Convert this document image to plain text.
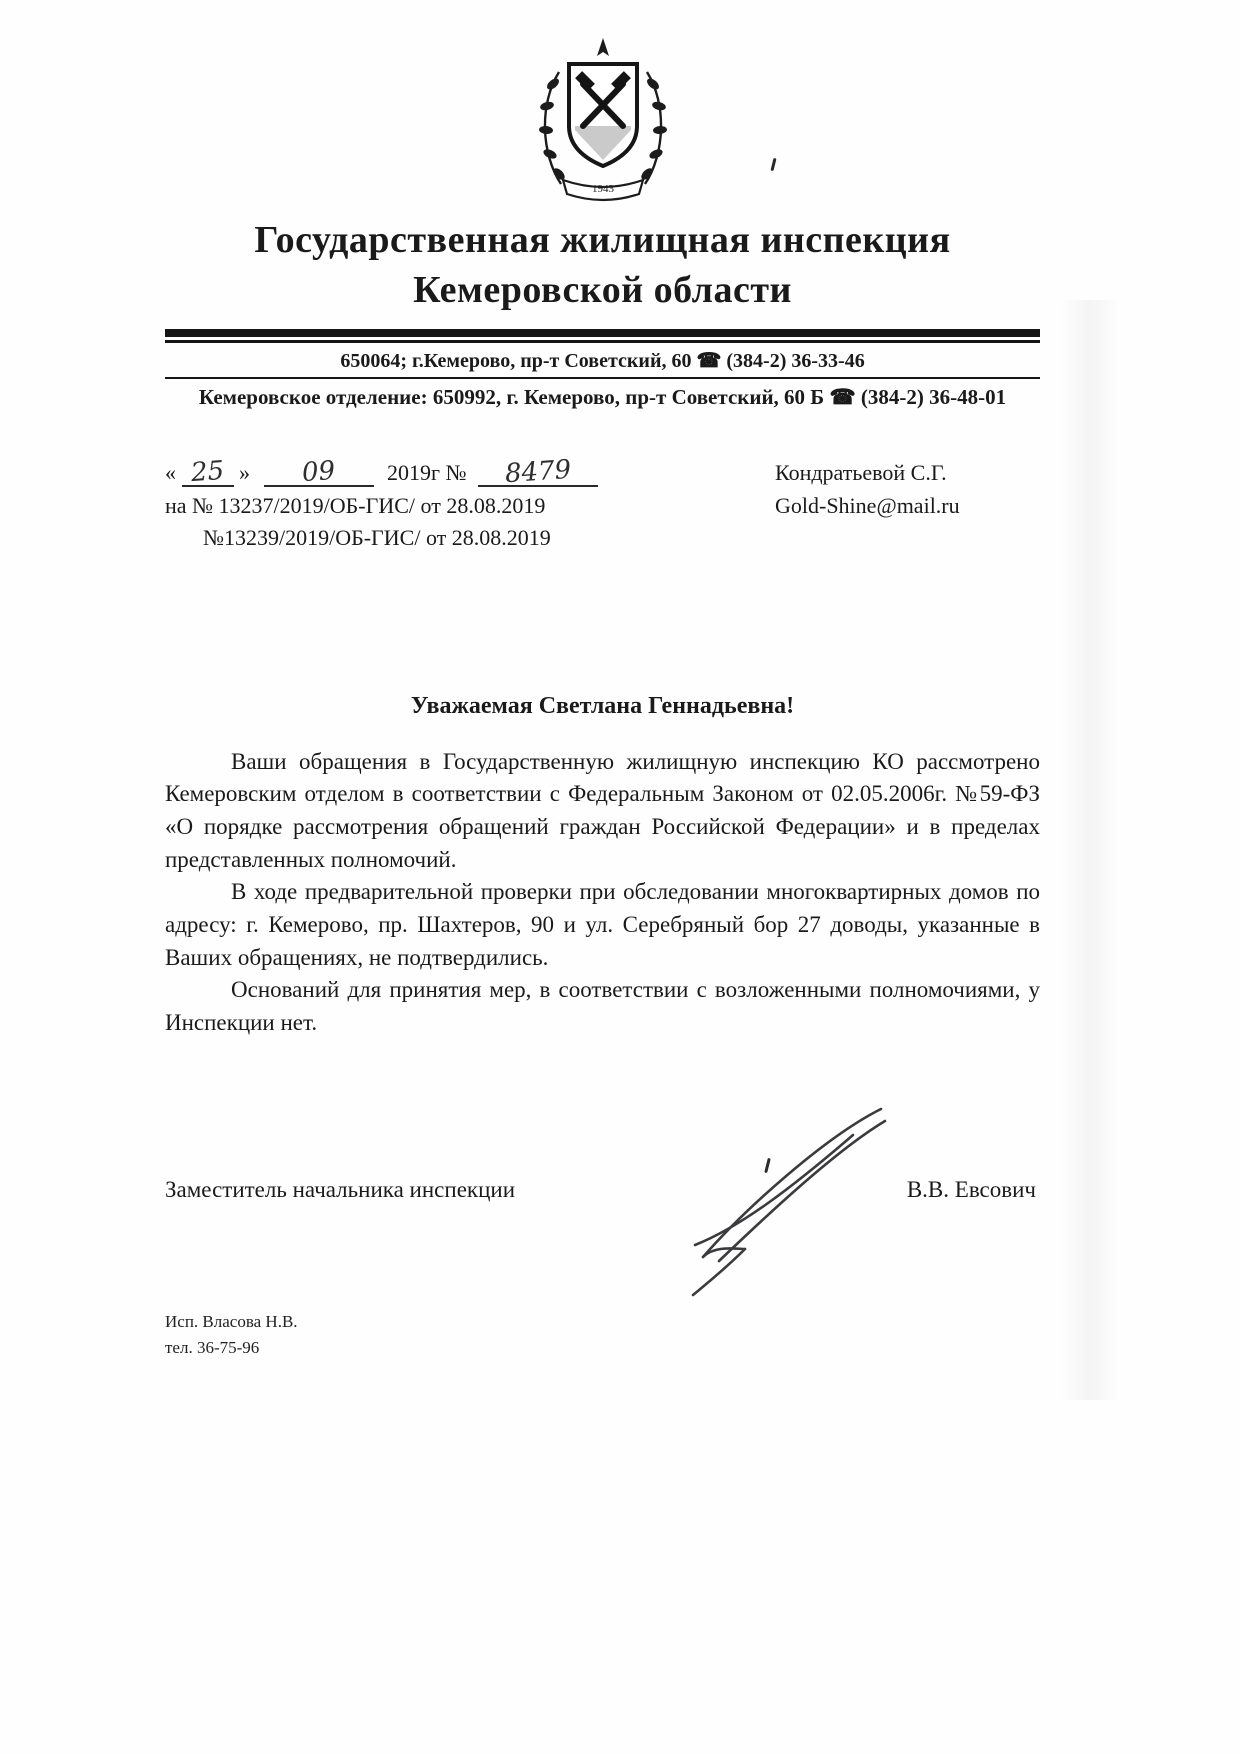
1943
Государственная жилищная инспекция
Кемеровской области
650064; г.Кемерово, пр-т Советский, 60 ☎ (384-2) 36-33-46
Кемеровское отделение: 650992, г. Кемерово, пр-т Советский, 60 Б ☎ (384-2) 36-48-01
« 25 » 09 2019г № 8479	Кондратьевой С.Г.
на № 13237/2019/ОБ-ГИС/ от 28.08.2019	Gold-Shine@mail.ru
№13239/2019/ОБ-ГИС/ от 28.08.2019
Уважаемая Светлана Геннадьевна!

Ваши обращения в Государственную жилищную инспекцию КО рассмотрено Кемеровским отделом в соответствии с Федеральным Законом от 02.05.2006г. №59-ФЗ «О порядке рассмотрения обращений граждан Российской Федерации» и в пределах представленных полномочий.

В ходе предварительной проверки при обследовании многоквартирных домов по адресу: г. Кемерово, пр. Шахтеров, 90 и ул. Серебряный бор 27 доводы, указанные в Ваших обращениях, не подтвердились.

Оснований для принятия мер, в соответствии с возложенными полномочиями, у Инспекции нет.

Заместитель начальника инспекции	В.В. Евсович
Исп. Власова Н.В.
тел. 36-75-96
